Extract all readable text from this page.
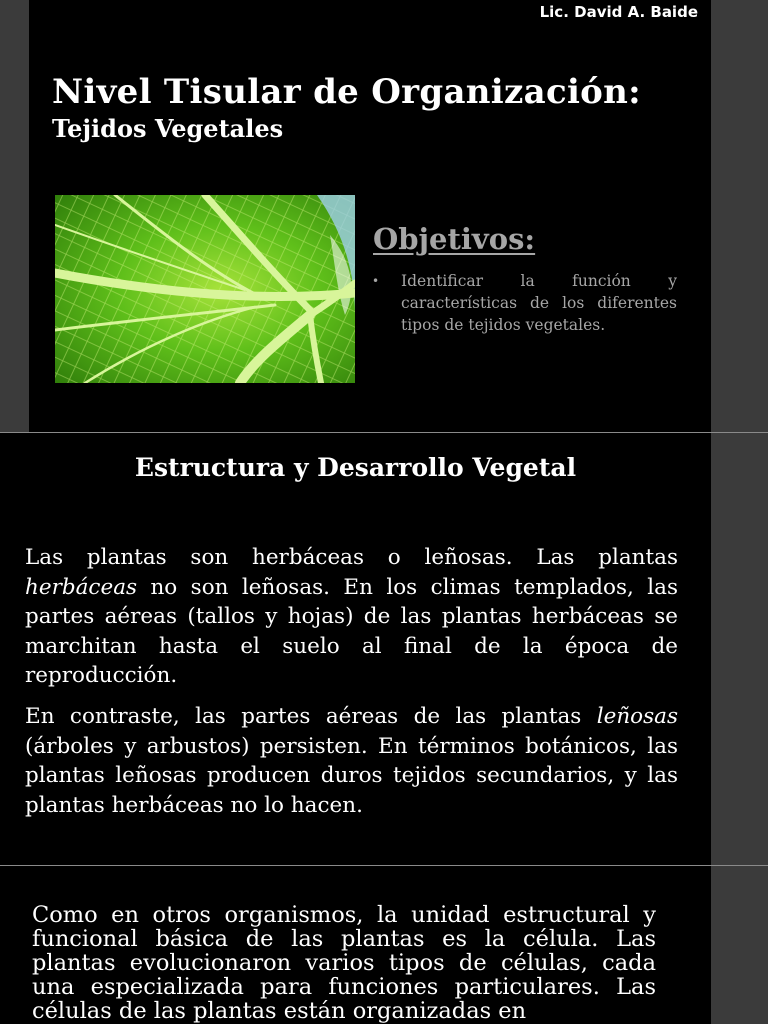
Lic. David A. Baide
Nivel Tisular de Organización:
Tejidos Vegetales
Objetivos:
•	Identificar la función y características de los diferentes tipos de tejidos vegetales.
Estructura y Desarrollo Vegetal

Las plantas son herbáceas o leñosas. Las plantas herbáceas no son leñosas. En los climas templados, las partes aéreas (tallos y hojas) de las plantas herbáceas se marchitan hasta el suelo al final de la época de reproducción.

En contraste, las partes aéreas de las plantas leñosas (árboles y arbustos) persisten. En términos botánicos, las plantas leñosas producen duros tejidos secundarios, y las plantas herbáceas no lo hacen.

Como en otros organismos, la unidad estructural y funcional básica de las plantas es la célula. Las plantas evolucionaron varios tipos de células, cada una especializada para funciones particulares. Las células de las plantas están organizadas en
